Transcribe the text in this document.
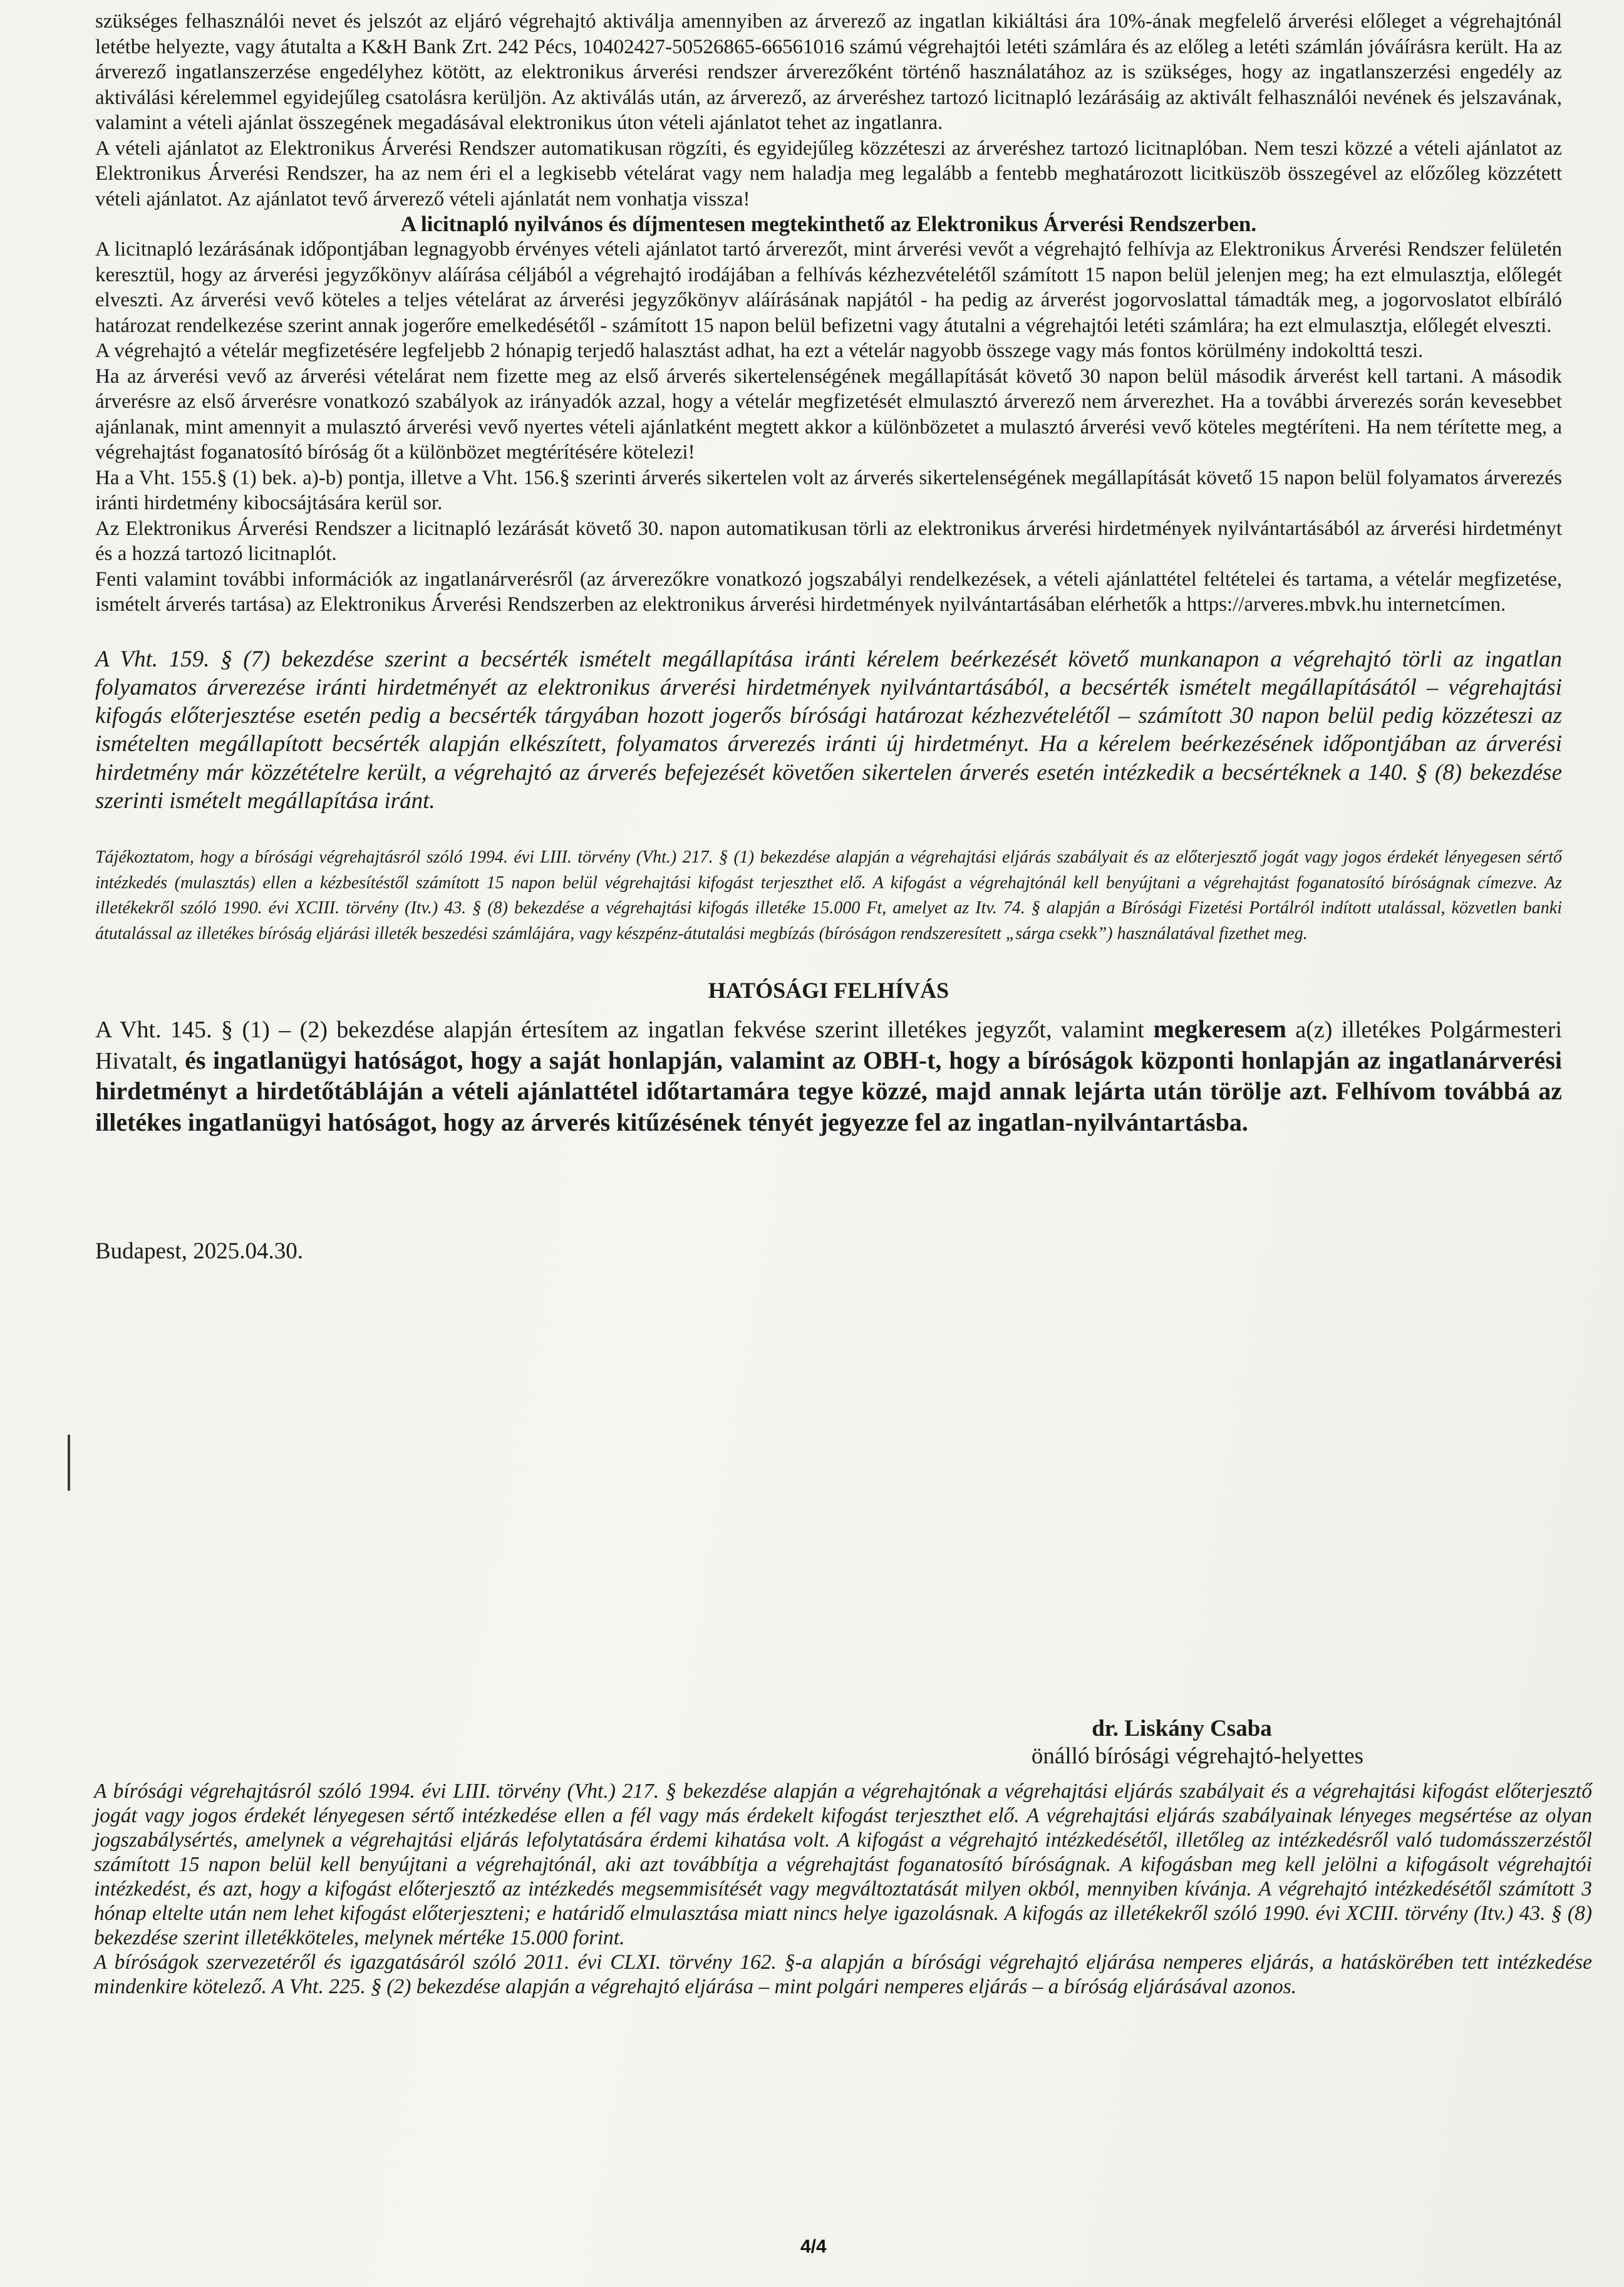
szükséges felhasználói nevet és jelszót az eljáró végrehajtó aktiválja amennyiben az árverező az ingatlan kikiáltási ára 10%-ának megfelelő árverési előleget a végrehajtónál letétbe helyezte, vagy átutalta a K&H Bank Zrt. 242 Pécs, 10402427-50526865-66561016 számú végrehajtói letéti számlára és az előleg a letéti számlán jóváírásra került. Ha az árverező ingatlanszerzése engedélyhez kötött, az elektronikus árverési rendszer árverezőként történő használatához az is szükséges, hogy az ingatlanszerzési engedély az aktiválási kérelemmel egyidejűleg csatolásra kerüljön. Az aktiválás után, az árverező, az árveréshez tartozó licitnapló lezárásáig az aktivált felhasználói nevének és jelszavának, valamint a vételi ajánlat összegének megadásával elektronikus úton vételi ajánlatot tehet az ingatlanra.

A vételi ajánlatot az Elektronikus Árverési Rendszer automatikusan rögzíti, és egyidejűleg közzéteszi az árveréshez tartozó licitnaplóban. Nem teszi közzé a vételi ajánlatot az Elektronikus Árverési Rendszer, ha az nem éri el a legkisebb vételárat vagy nem haladja meg legalább a fentebb meghatározott licitküszöb összegével az előzőleg közzétett vételi ajánlatot. Az ajánlatot tevő árverező vételi ajánlatát nem vonhatja vissza!

A licitnapló nyilvános és díjmentesen megtekinthető az Elektronikus Árverési Rendszerben.

A licitnapló lezárásának időpontjában legnagyobb érvényes vételi ajánlatot tartó árverezőt, mint árverési vevőt a végrehajtó felhívja az Elektronikus Árverési Rendszer felületén keresztül, hogy az árverési jegyzőkönyv aláírása céljából a végrehajtó irodájában a felhívás kézhezvételétől számított 15 napon belül jelenjen meg; ha ezt elmulasztja, előlegét elveszti. Az árverési vevő köteles a teljes vételárat az árverési jegyzőkönyv aláírásának napjától - ha pedig az árverést jogorvoslattal támadták meg, a jogorvoslatot elbíráló határozat rendelkezése szerint annak jogerőre emelkedésétől - számított 15 napon belül befizetni vagy átutalni a végrehajtói letéti számlára; ha ezt elmulasztja, előlegét elveszti.

A végrehajtó a vételár megfizetésére legfeljebb 2 hónapig terjedő halasztást adhat, ha ezt a vételár nagyobb összege vagy más fontos körülmény indokolttá teszi.

Ha az árverési vevő az árverési vételárat nem fizette meg az első árverés sikertelenségének megállapítását követő 30 napon belül második árverést kell tartani. A második árverésre az első árverésre vonatkozó szabályok az irányadók azzal, hogy a vételár megfizetését elmulasztó árverező nem árverezhet. Ha a további árverezés során kevesebbet ajánlanak, mint amennyit a mulasztó árverési vevő nyertes vételi ajánlatként megtett akkor a különbözetet a mulasztó árverési vevő köteles megtéríteni. Ha nem térítette meg, a végrehajtást foganatosító bíróság őt a különbözet megtérítésére kötelezi!

Ha a Vht. 155.§ (1) bek. a)-b) pontja, illetve a Vht. 156.§ szerinti árverés sikertelen volt az árverés sikertelenségének megállapítását követő 15 napon belül folyamatos árverezés iránti hirdetmény kibocsájtására kerül sor.

Az Elektronikus Árverési Rendszer a licitnapló lezárását követő 30. napon automatikusan törli az elektronikus árverési hirdetmények nyilvántartásából az árverési hirdetményt és a hozzá tartozó licitnaplót.

Fenti valamint további információk az ingatlanárverésről (az árverezőkre vonatkozó jogszabályi rendelkezések, a vételi ajánlattétel feltételei és tartama, a vételár megfizetése, ismételt árverés tartása) az Elektronikus Árverési Rendszerben az elektronikus árverési hirdetmények nyilvántartásában elérhetők a https://arveres.mbvk.hu internetcímen.

A Vht. 159. § (7) bekezdése szerint a becsérték ismételt megállapítása iránti kérelem beérkezését követő munkanapon a végrehajtó törli az ingatlan folyamatos árverezése iránti hirdetményét az elektronikus árverési hirdetmények nyilvántartásából, a becsérték ismételt megállapításától – végrehajtási kifogás előterjesztése esetén pedig a becsérték tárgyában hozott jogerős bírósági határozat kézhezvételétől – számított 30 napon belül pedig közzéteszi az ismételten megállapított becsérték alapján elkészített, folyamatos árverezés iránti új hirdetményt. Ha a kérelem beérkezésének időpontjában az árverési hirdetmény már közzétételre került, a végrehajtó az árverés befejezését követően sikertelen árverés esetén intézkedik a becsértéknek a 140. § (8) bekezdése szerinti ismételt megállapítása iránt.

Tájékoztatom, hogy a bírósági végrehajtásról szóló 1994. évi LIII. törvény (Vht.) 217. § (1) bekezdése alapján a végrehajtási eljárás szabályait és az előterjesztő jogát vagy jogos érdekét lényegesen sértő intézkedés (mulasztás) ellen a kézbesítéstől számított 15 napon belül végrehajtási kifogást terjeszthet elő. A kifogást a végrehajtónál kell benyújtani a végrehajtást foganatosító bíróságnak címezve. Az illetékekről szóló 1990. évi XCIII. törvény (Itv.) 43. § (8) bekezdése a végrehajtási kifogás illetéke 15.000 Ft, amelyet az Itv. 74. § alapján a Bírósági Fizetési Portálról indított utalással, közvetlen banki átutalással az illetékes bíróság eljárási illeték beszedési számlájára, vagy készpénz-átutalási megbízás (bíróságon rendszeresített „sárga csekk”) használatával fizethet meg.

HATÓSÁGI FELHÍVÁS

A Vht. 145. § (1) – (2) bekezdése alapján értesítem az ingatlan fekvése szerint illetékes jegyzőt, valamint megkeresem a(z) illetékes Polgármesteri Hivatalt, és ingatlanügyi hatóságot, hogy a saját honlapján, valamint az OBH-t, hogy a bíróságok központi honlapján az ingatlanárverési hirdetményt a hirdetőtábláján a vételi ajánlattétel időtartamára tegye közzé, majd annak lejárta után törölje azt. Felhívom továbbá az illetékes ingatlanügyi hatóságot, hogy az árverés kitűzésének tényét jegyezze fel az ingatlan-nyilvántartásba.

Budapest, 2025.04.30.

dr. Liskány Csaba

önálló bírósági végrehajtó-helyettes

A bírósági végrehajtásról szóló 1994. évi LIII. törvény (Vht.) 217. § bekezdése alapján a végrehajtónak a végrehajtási eljárás szabályait és a végrehajtási kifogást előterjesztő jogát vagy jogos érdekét lényegesen sértő intézkedése ellen a fél vagy más érdekelt kifogást terjeszthet elő. A végrehajtási eljárás szabályainak lényeges megsértése az olyan jogszabálysértés, amelynek a végrehajtási eljárás lefolytatására érdemi kihatása volt. A kifogást a végrehajtó intézkedésétől, illetőleg az intézkedésről való tudomásszerzéstől számított 15 napon belül kell benyújtani a végrehajtónál, aki azt továbbítja a végrehajtást foganatosító bíróságnak. A kifogásban meg kell jelölni a kifogásolt végrehajtói intézkedést, és azt, hogy a kifogást előterjesztő az intézkedés megsemmisítését vagy megváltoztatását milyen okból, mennyiben kívánja. A végrehajtó intézkedésétől számított 3 hónap eltelte után nem lehet kifogást előterjeszteni; e határidő elmulasztása miatt nincs helye igazolásnak. A kifogás az illetékekről szóló 1990. évi XCIII. törvény (Itv.) 43. § (8) bekezdése szerint illetékköteles, melynek mértéke 15.000 forint.

A bíróságok szervezetéről és igazgatásáról szóló 2011. évi CLXI. törvény 162. §-a alapján a bírósági végrehajtó eljárása nemperes eljárás, a hatáskörében tett intézkedése mindenkire kötelező. A Vht. 225. § (2) bekezdése alapján a végrehajtó eljárása – mint polgári nemperes eljárás – a bíróság eljárásával azonos.

4/4
